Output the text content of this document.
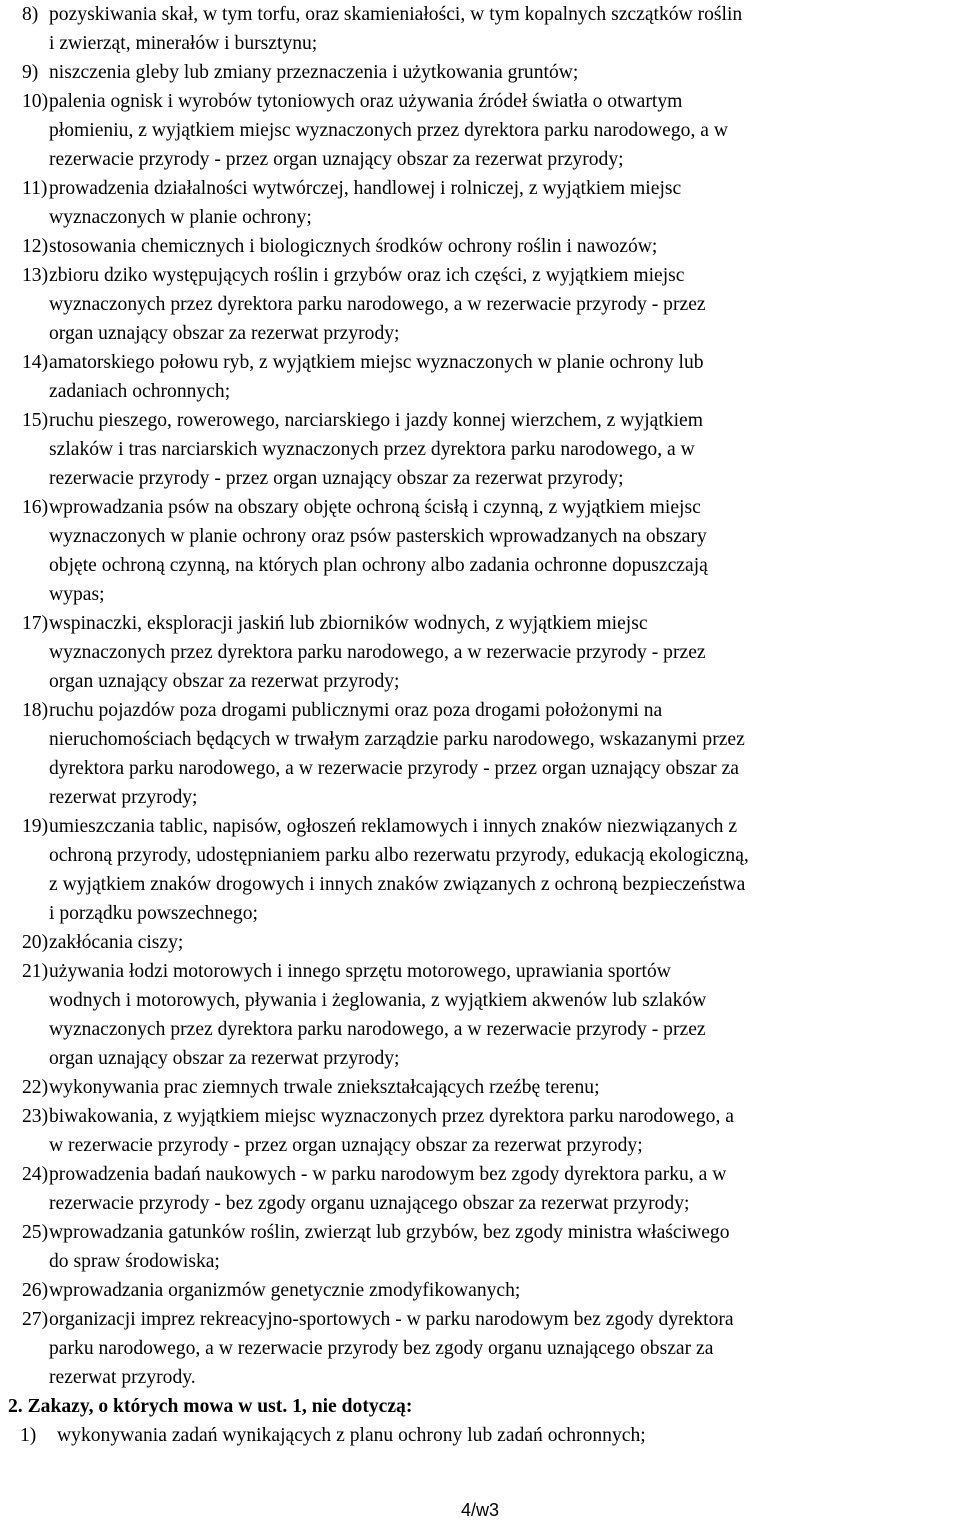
8) pozyskiwania skał, w tym torfu, oraz skamieniałości, w tym kopalnych szczątków roślin
i zwierząt, minerałów i bursztynu;
9) niszczenia gleby lub zmiany przeznaczenia i użytkowania gruntów;
10) palenia ognisk i wyrobów tytoniowych oraz używania źródeł światła o otwartym
płomieniu, z wyjątkiem miejsc wyznaczonych przez dyrektora parku narodowego, a w
rezerwacie przyrody - przez organ uznający obszar za rezerwat przyrody;
11) prowadzenia działalności wytwórczej, handlowej i rolniczej, z wyjątkiem miejsc
wyznaczonych w planie ochrony;
12) stosowania chemicznych i biologicznych środków ochrony roślin i nawozów;
13) zbioru dziko występujących roślin i grzybów oraz ich części, z wyjątkiem miejsc
wyznaczonych przez dyrektora parku narodowego, a w rezerwacie przyrody - przez
organ uznający obszar za rezerwat przyrody;
14) amatorskiego połowu ryb, z wyjątkiem miejsc wyznaczonych w planie ochrony lub
zadaniach ochronnych;
15) ruchu pieszego, rowerowego, narciarskiego i jazdy konnej wierzchem, z wyjątkiem
szlaków i tras narciarskich wyznaczonych przez dyrektora parku narodowego, a w
rezerwacie przyrody - przez organ uznający obszar za rezerwat przyrody;
16) wprowadzania psów na obszary objęte ochroną ścisłą i czynną, z wyjątkiem miejsc
wyznaczonych w planie ochrony oraz psów pasterskich wprowadzanych na obszary
objęte ochroną czynną, na których plan ochrony albo zadania ochronne dopuszczają
wypas;
17) wspinaczki, eksploracji jaskiń lub zbiorników wodnych, z wyjątkiem miejsc
wyznaczonych przez dyrektora parku narodowego, a w rezerwacie przyrody - przez
organ uznający obszar za rezerwat przyrody;
18) ruchu pojazdów poza drogami publicznymi oraz poza drogami położonymi na
nieruchomościach będących w trwałym zarządzie parku narodowego, wskazanymi przez
dyrektora parku narodowego, a w rezerwacie przyrody - przez organ uznający obszar za
rezerwat przyrody;
19) umieszczania tablic, napisów, ogłoszeń reklamowych i innych znaków niezwiązanych z
ochroną przyrody, udostępnianiem parku albo rezerwatu przyrody, edukacją ekologiczną,
z wyjątkiem znaków drogowych i innych znaków związanych z ochroną bezpieczeństwa
i porządku powszechnego;
20) zakłócania ciszy;
21) używania łodzi motorowych i innego sprzętu motorowego, uprawiania sportów
wodnych i motorowych, pływania i żeglowania, z wyjątkiem akwenów lub szlaków
wyznaczonych przez dyrektora parku narodowego, a w rezerwacie przyrody - przez
organ uznający obszar za rezerwat przyrody;
22) wykonywania prac ziemnych trwale zniekształcających rzeźbę terenu;
23) biwakowania, z wyjątkiem miejsc wyznaczonych przez dyrektora parku narodowego, a
w rezerwacie przyrody - przez organ uznający obszar za rezerwat przyrody;
24) prowadzenia badań naukowych - w parku narodowym bez zgody dyrektora parku, a w
rezerwacie przyrody - bez zgody organu uznającego obszar za rezerwat przyrody;
25) wprowadzania gatunków roślin, zwierząt lub grzybów, bez zgody ministra właściwego
do spraw środowiska;
26) wprowadzania organizmów genetycznie zmodyfikowanych;
27) organizacji imprez rekreacyjno-sportowych - w parku narodowym bez zgody dyrektora
parku narodowego, a w rezerwacie przyrody bez zgody organu uznającego obszar za
rezerwat przyrody.
2. Zakazy, o których mowa w ust. 1, nie dotyczą:
1) wykonywania zadań wynikających z planu ochrony lub zadań ochronnych;
4/w3
